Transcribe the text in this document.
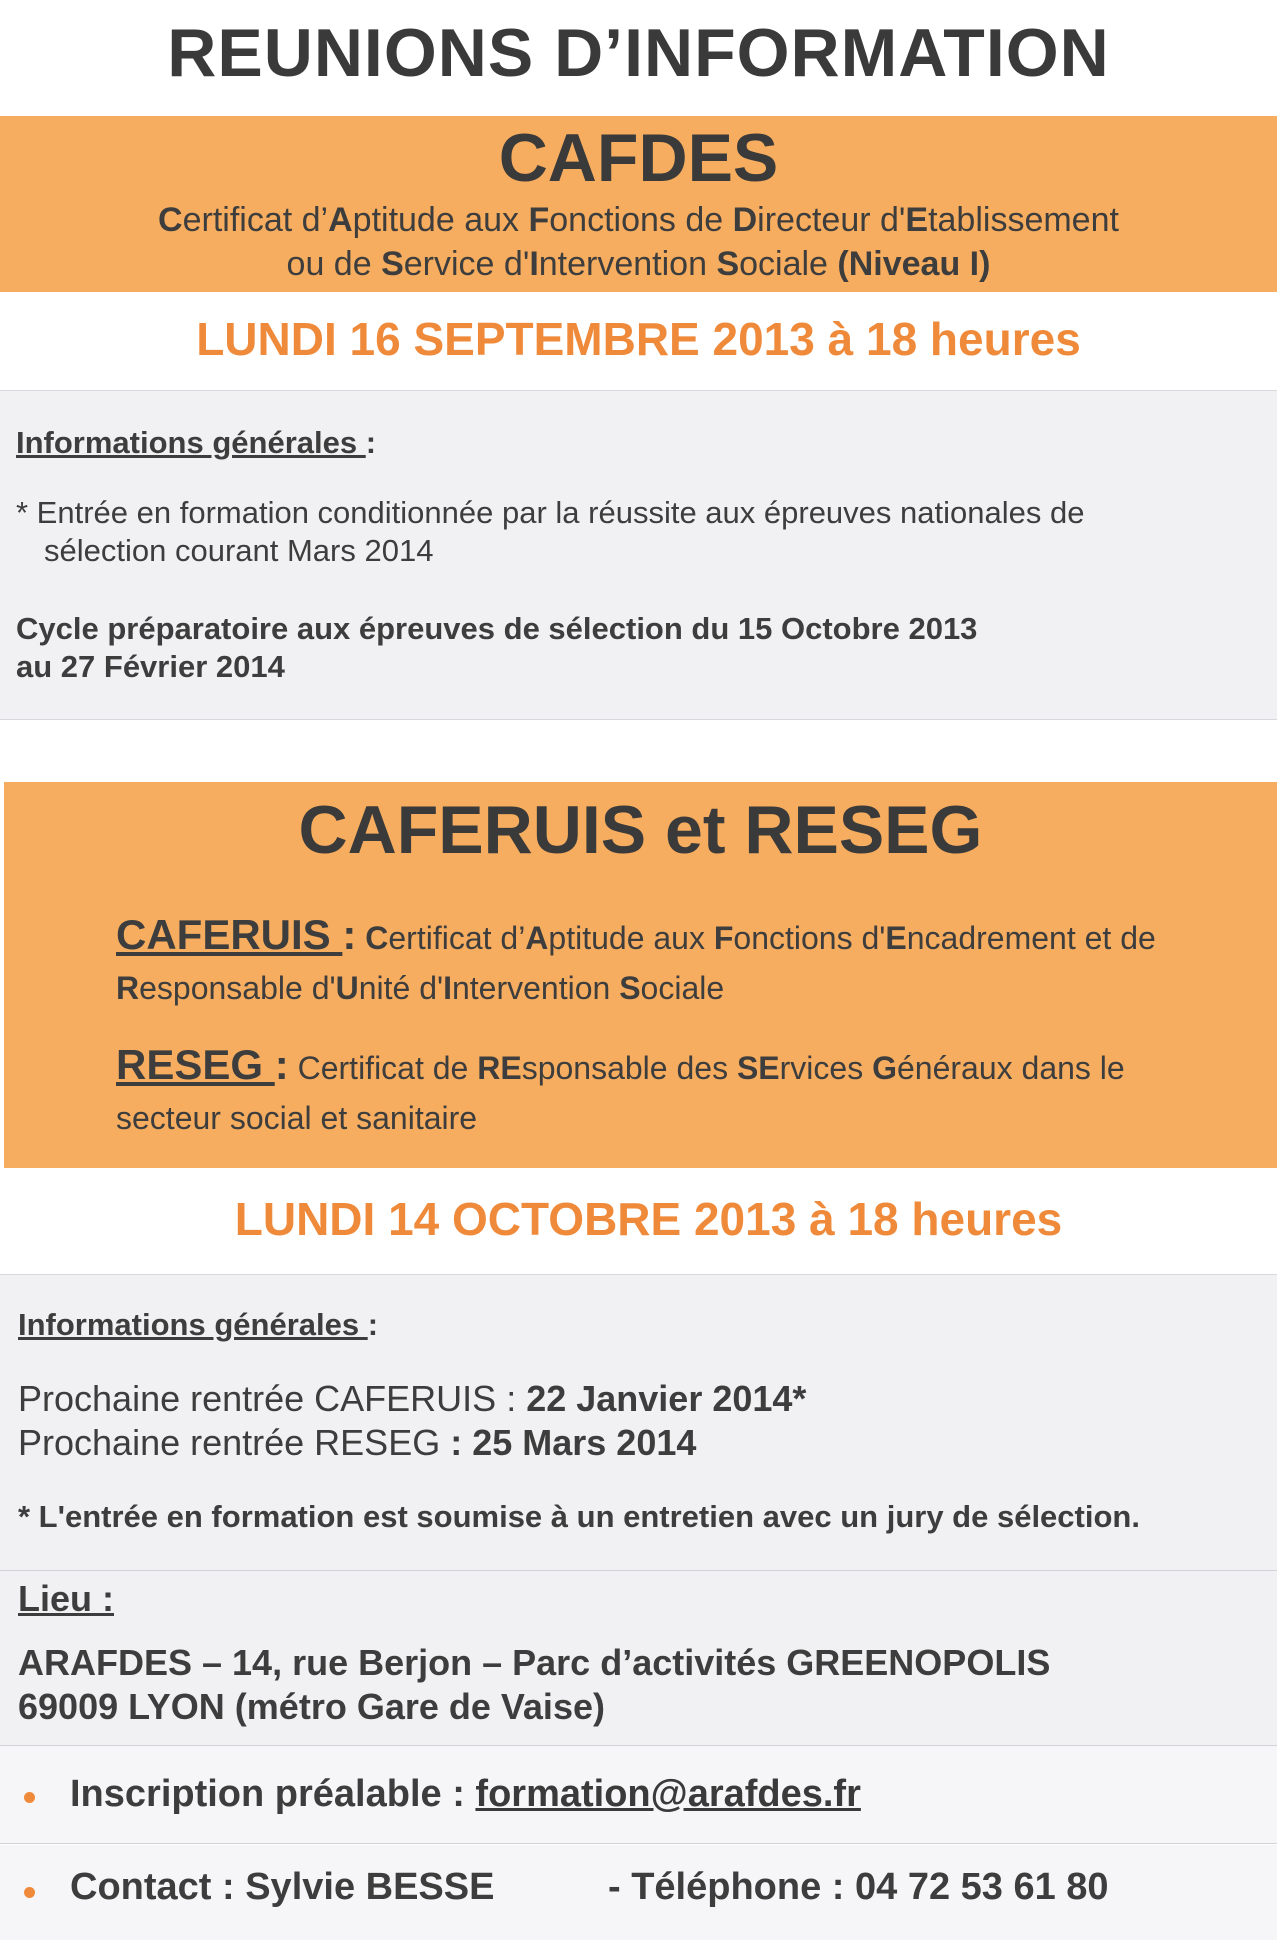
REUNIONS D’INFORMATION
CAFDES
Certificat d’Aptitude aux Fonctions de Directeur d'Etablissement
ou de Service d'Intervention Sociale (Niveau I)
LUNDI 16 SEPTEMBRE 2013 à 18 heures
Informations générales :
* Entrée en formation conditionnée par la réussite aux épreuves nationales de
sélection courant Mars 2014
Cycle préparatoire aux épreuves de sélection du 15 Octobre 2013
au 27 Février 2014
CAFERUIS et RESEG
CAFERUIS : Certificat d’Aptitude aux Fonctions d'Encadrement et de
Responsable d'Unité d'Intervention Sociale
RESEG : Certificat de REsponsable des SErvices Généraux dans le
secteur social et sanitaire
LUNDI 14 OCTOBRE 2013 à 18 heures
Informations générales :
Prochaine rentrée CAFERUIS : 22 Janvier 2014*
Prochaine rentrée RESEG : 25 Mars 2014
* L'entrée en formation est soumise à un entretien avec un jury de sélection.
Lieu :
ARAFDES – 14, rue Berjon – Parc d’activités GREENOPOLIS
69009 LYON (métro Gare de Vaise)
Inscription préalable : formation@arafdes.fr
Contact : Sylvie BESSE	- Téléphone : 04 72 53 61 80
